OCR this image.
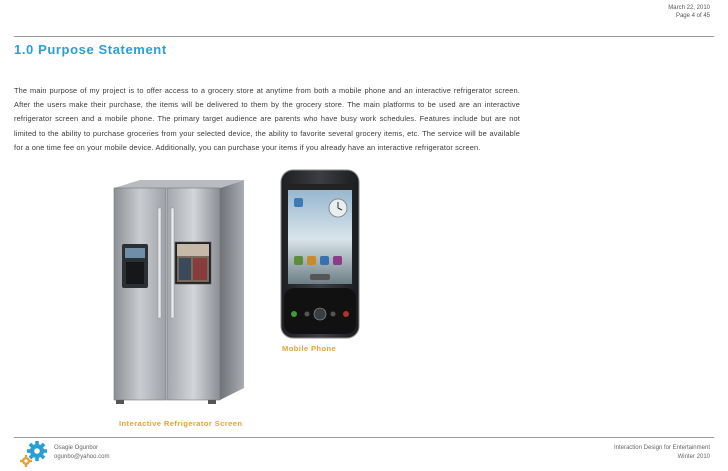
March 22, 2010
Page 4 of 45
1.0 Purpose Statement
The main purpose of my project is to offer access to a grocery store at anytime from both a mobile phone and an interactive refrigerator screen. After the users make their purchase, the items will be delivered to them by the grocery store. The main platforms to be used are an interactive refrigerator screen and a mobile phone. The primary target audience are parents who have busy work schedules. Features include but are not limited to the ability to purchase groceries from your selected device, the ability to favorite several grocery items, etc. The service will be available for a one time fee on your mobile device. Additionally, you can purchase your items if you already have an interactive refrigerator screen.
Interactive Refrigerator Screen
Mobile Phone
Osagie Ogunbor
ogunbo@yahoo.com
Interaction Design for Entertainment
Winter 2010
